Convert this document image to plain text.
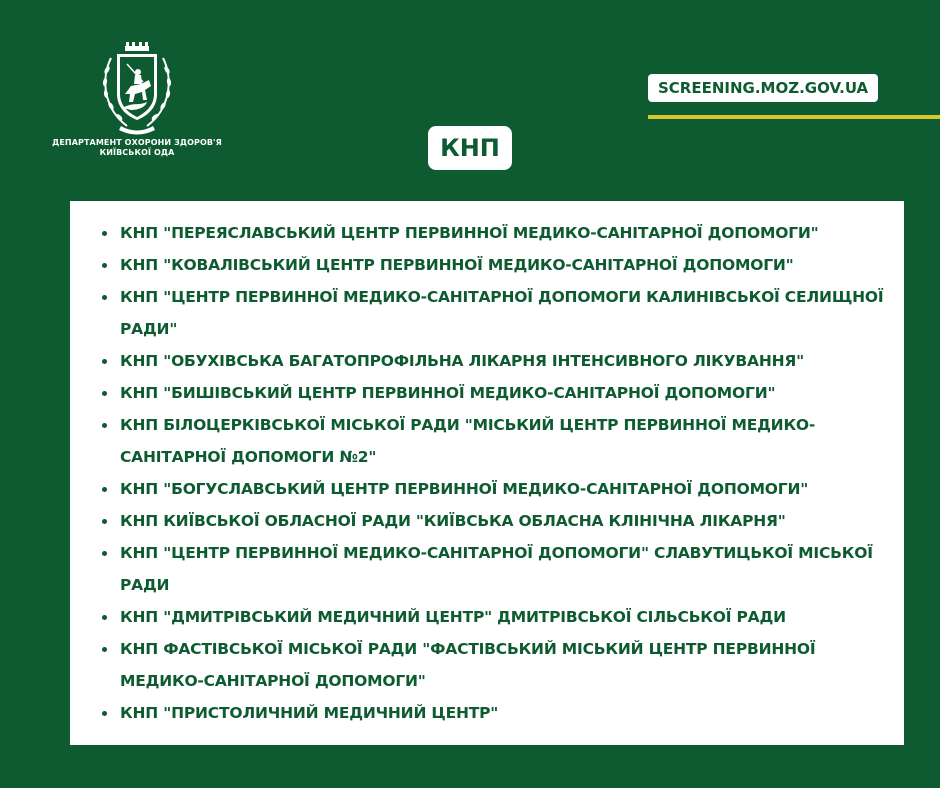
ДЕПАРТАМЕНТ ОХОРОНИ ЗДОРОВ'Я КИЇВСЬКОЇ ОДА
SCREENING.MOZ.GOV.UA
КНП
КНП "ПЕРЕЯСЛАВСЬКИЙ ЦЕНТР ПЕРВИННОЇ МЕДИКО-САНІТАРНОЇ ДОПОМОГИ"
КНП "КОВАЛІВСЬКИЙ ЦЕНТР ПЕРВИННОЇ МЕДИКО-САНІТАРНОЇ ДОПОМОГИ"
КНП "ЦЕНТР ПЕРВИННОЇ МЕДИКО-САНІТАРНОЇ ДОПОМОГИ КАЛИНІВСЬКОЇ СЕЛИЩНОЇ РАДИ"
КНП "ОБУХІВСЬКА БАГАТОПРОФІЛЬНА ЛІКАРНЯ ІНТЕНСИВНОГО ЛІКУВАННЯ"
КНП "БИШІВСЬКИЙ ЦЕНТР ПЕРВИННОЇ МЕДИКО-САНІТАРНОЇ ДОПОМОГИ"
КНП БІЛОЦЕРКІВСЬКОЇ МІСЬКОЇ РАДИ "МІСЬКИЙ ЦЕНТР ПЕРВИННОЇ МЕДИКО-САНІТАРНОЇ ДОПОМОГИ №2"
КНП "БОГУСЛАВСЬКИЙ ЦЕНТР ПЕРВИННОЇ МЕДИКО-САНІТАРНОЇ ДОПОМОГИ"
КНП КИЇВСЬКОЇ ОБЛАСНОЇ РАДИ "КИЇВСЬКА ОБЛАСНА КЛІНІЧНА ЛІКАРНЯ"
КНП "ЦЕНТР ПЕРВИННОЇ МЕДИКО-САНІТАРНОЇ ДОПОМОГИ" СЛАВУТИЦЬКОЇ МІСЬКОЇ РАДИ
КНП "ДМИТРІВСЬКИЙ МЕДИЧНИЙ ЦЕНТР" ДМИТРІВСЬКОЇ СІЛЬСЬКОЇ РАДИ
КНП ФАСТІВСЬКОЇ МІСЬКОЇ РАДИ "ФАСТІВСЬКИЙ МІСЬКИЙ ЦЕНТР ПЕРВИННОЇ МЕДИКО-САНІТАРНОЇ ДОПОМОГИ"
КНП "ПРИСТОЛИЧНИЙ МЕДИЧНИЙ ЦЕНТР"
